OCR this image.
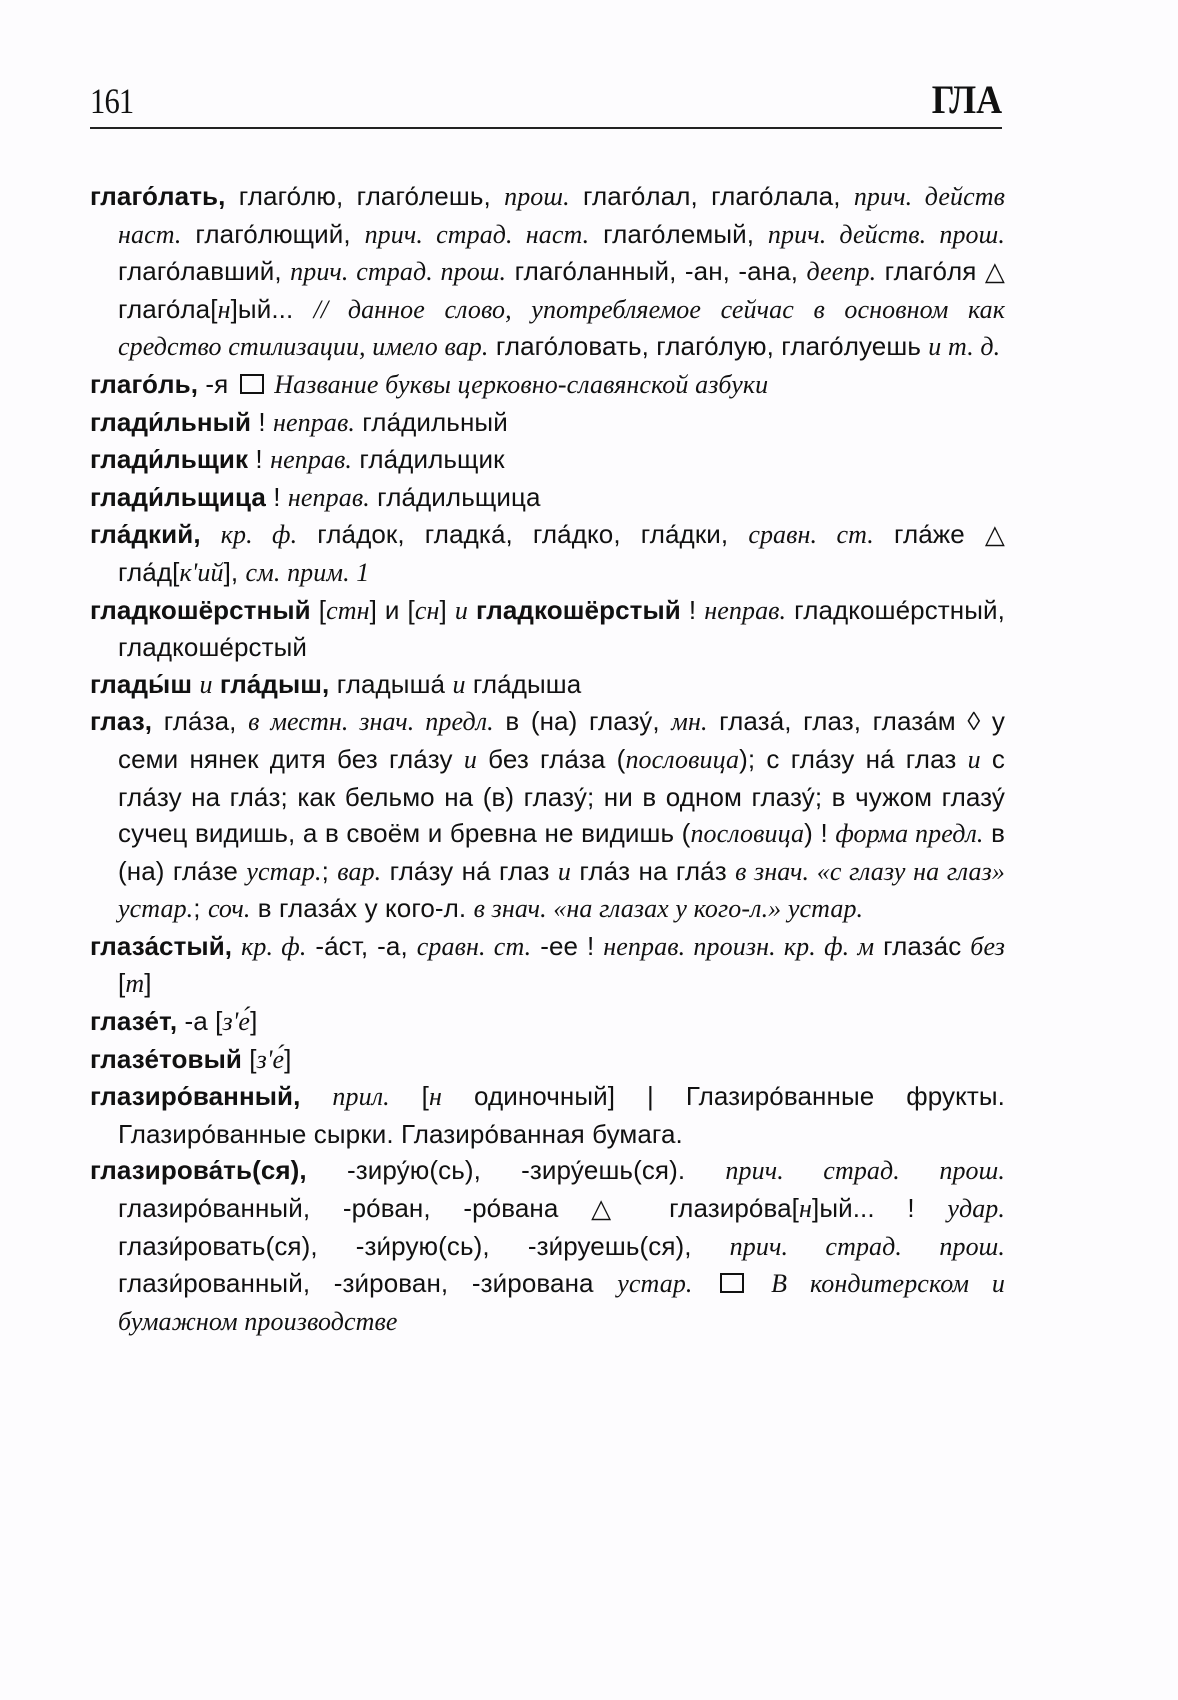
161	ГЛА
глаго́лать, глаго́лю, глаго́лешь, прош. глаго́лал, глаго́лала, прич. действ наст. глаго́лющий, прич. страд. наст. глаго́лемый, прич. действ. прош. глаго́лавший, прич. страд. прош. глаго́ланный, -ан, -ана, деепр. глаго́ля △ глаго́ла[н]ый... // данное слово, употребляемое сейчас в основном как средство стилизации, имело вар. глаго́ловать, глаго́лую, глаго́луешь и т. д.
глаго́ль, -я  Название буквы церковно-славянской азбуки
глади́льный ! неправ. гла́дильный
глади́льщик ! неправ. гла́дильщик
глади́льщица ! неправ. гла́дильщица
гла́дкий, кр. ф. гла́док, гладка́, гла́дко, гла́дки, сравн. ст. гла́же △ гла́д[к'ий], см. прим. 1
гладкошёрстный [стн] и [сн] и гладкошёрстый ! неправ. гладкоше́рстный, гладкоше́рстый
глады́ш и гла́дыш, гладыша́ и гла́дыша
глаз, гла́за, в местн. знач. предл. в (на) глазу́, мн. глаза́, глаз, глаза́м ◊ у семи нянек дитя без гла́зу и без гла́за (пословица); с гла́зу на́ глаз и с гла́зу на гла́з; как бельмо на (в) глазу́; ни в одном глазу́; в чужом глазу́ сучец видишь, а в своём и бревна не видишь (пословица) ! форма предл. в (на) гла́зе устар.; вар. гла́зу на́ глаз и гла́з на гла́з в знач. «с глазу на глаз» устар.; соч. в глаза́х у кого-л. в знач. «на глазах у кого-л.» устар.
глаза́стый, кр. ф. -а́ст, -а, сравн. ст. -ее ! неправ. произн. кр. ф. м глаза́с без [т]
глазе́т, -а [з'е́]
глазе́товый [з'е́]
глазиро́ванный, прил. [н одиночный] | Глазиро́ванные фрукты. Глазиро́ванные сырки. Глазиро́ванная бумага.
глазирова́ть(ся), -зиру́ю(сь), -зиру́ешь(ся). прич. страд. прош. глазиро́ванный, -ро́ван, -ро́вана △ глазиро́ва[н]ый... ! удар. глази́ровать(ся), -зи́рую(сь), -зи́руешь(ся), прич. страд. прош. глази́рованный, -зи́рован, -зи́рована устар.  В кондитерском и бумажном производстве
